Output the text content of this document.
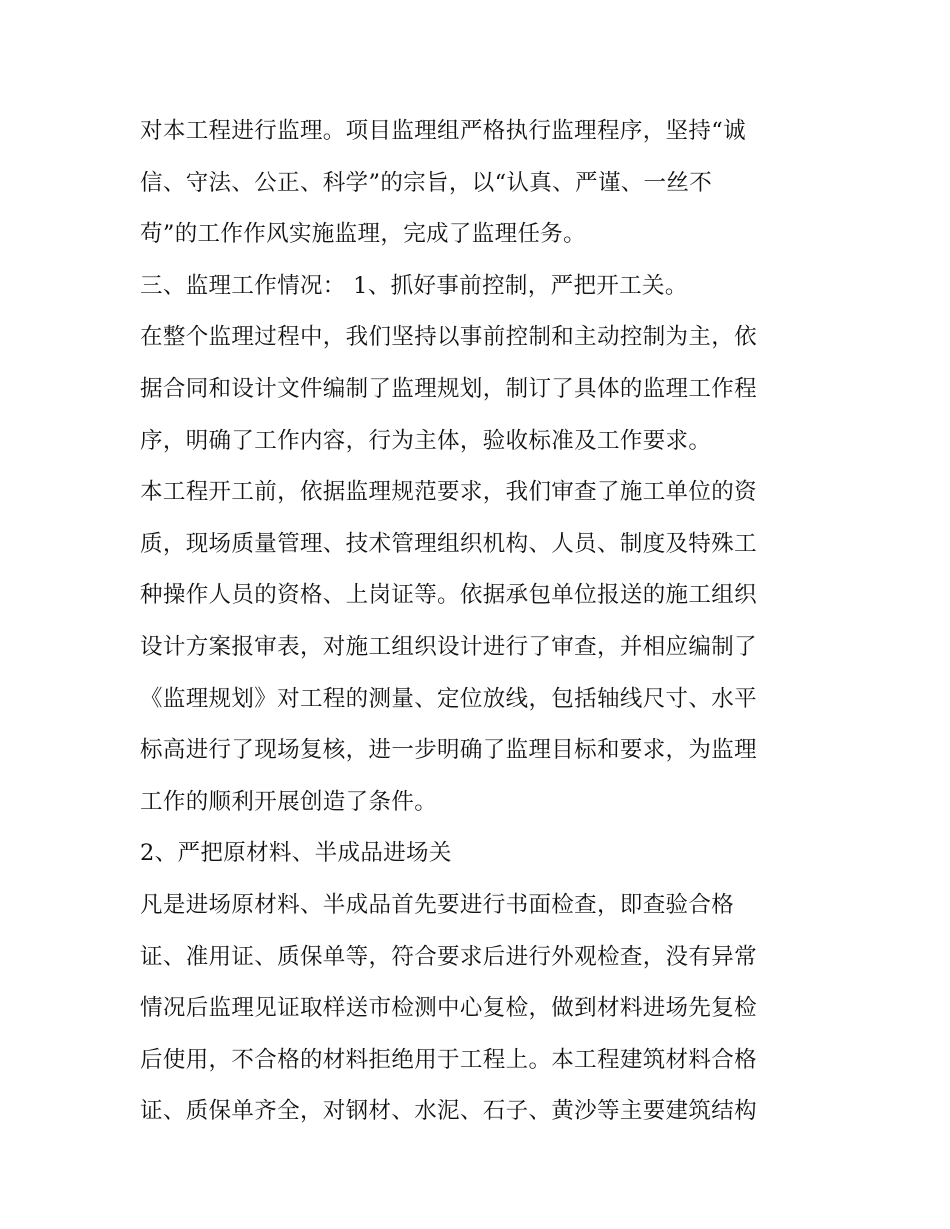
对本工程进行监理。项目监理组严格执行监理程序，坚持“诚
信、守法、公正、科学”的宗旨，以“认真、严谨、一丝不
苟”的工作作风实施监理，完成了监理任务。
三、监理工作情况： 1、抓好事前控制，严把开工关。
在整个监理过程中，我们坚持以事前控制和主动控制为主，依
据合同和设计文件编制了监理规划，制订了具体的监理工作程
序，明确了工作内容，行为主体，验收标准及工作要求。
本工程开工前，依据监理规范要求，我们审查了施工单位的资
质，现场质量管理、技术管理组织机构、人员、制度及特殊工
种操作人员的资格、上岗证等。依据承包单位报送的施工组织
设计方案报审表，对施工组织设计进行了审查，并相应编制了
《监理规划》对工程的测量、定位放线，包括轴线尺寸、水平
标高进行了现场复核，进一步明确了监理目标和要求，为监理
工作的顺利开展创造了条件。
2、严把原材料、半成品进场关
凡是进场原材料、半成品首先要进行书面检查，即查验合格
证、准用证、质保单等，符合要求后进行外观检查，没有异常
情况后监理见证取样送市检测中心复检，做到材料进场先复检
后使用，不合格的材料拒绝用于工程上。本工程建筑材料合格
证、质保单齐全，对钢材、水泥、石子、黄沙等主要建筑结构
